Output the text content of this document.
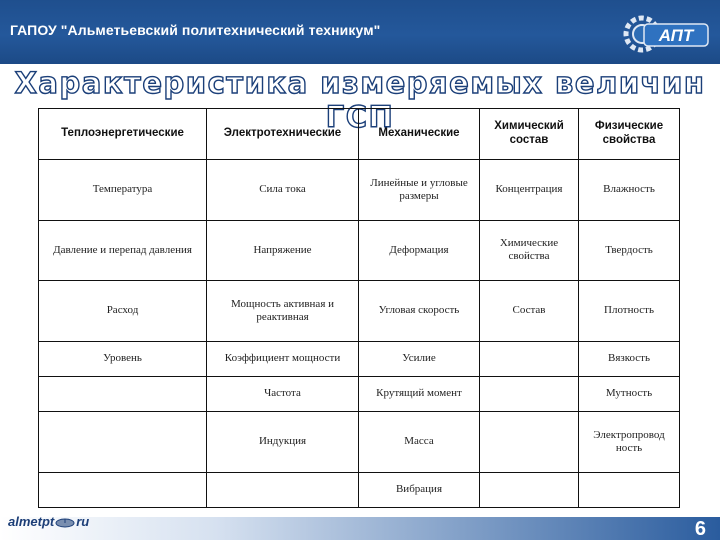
ГАПОУ "Альметьевский политехнический техникум"	АПТ
Характеристика измеряемых величин ГСП
Теплоэнергетические	Электротехнические	Механические	Химический состав	Физические свойства
Температура	Сила тока	Линейные и угловые размеры	Концентрация	Влажность
Давление и перепад давления	Напряжение	Деформация	Химические свойства	Твердость
Расход	Мощность активная и реактивная	Угловая скорость	Состав	Плотность
Уровень	Коэффициент мощности	Усилие		Вязкость
	Частота	Крутящий момент		Мутность
	Индукция	Масса		Электропровод ность
		Вибрация		
almetpt ru	6
